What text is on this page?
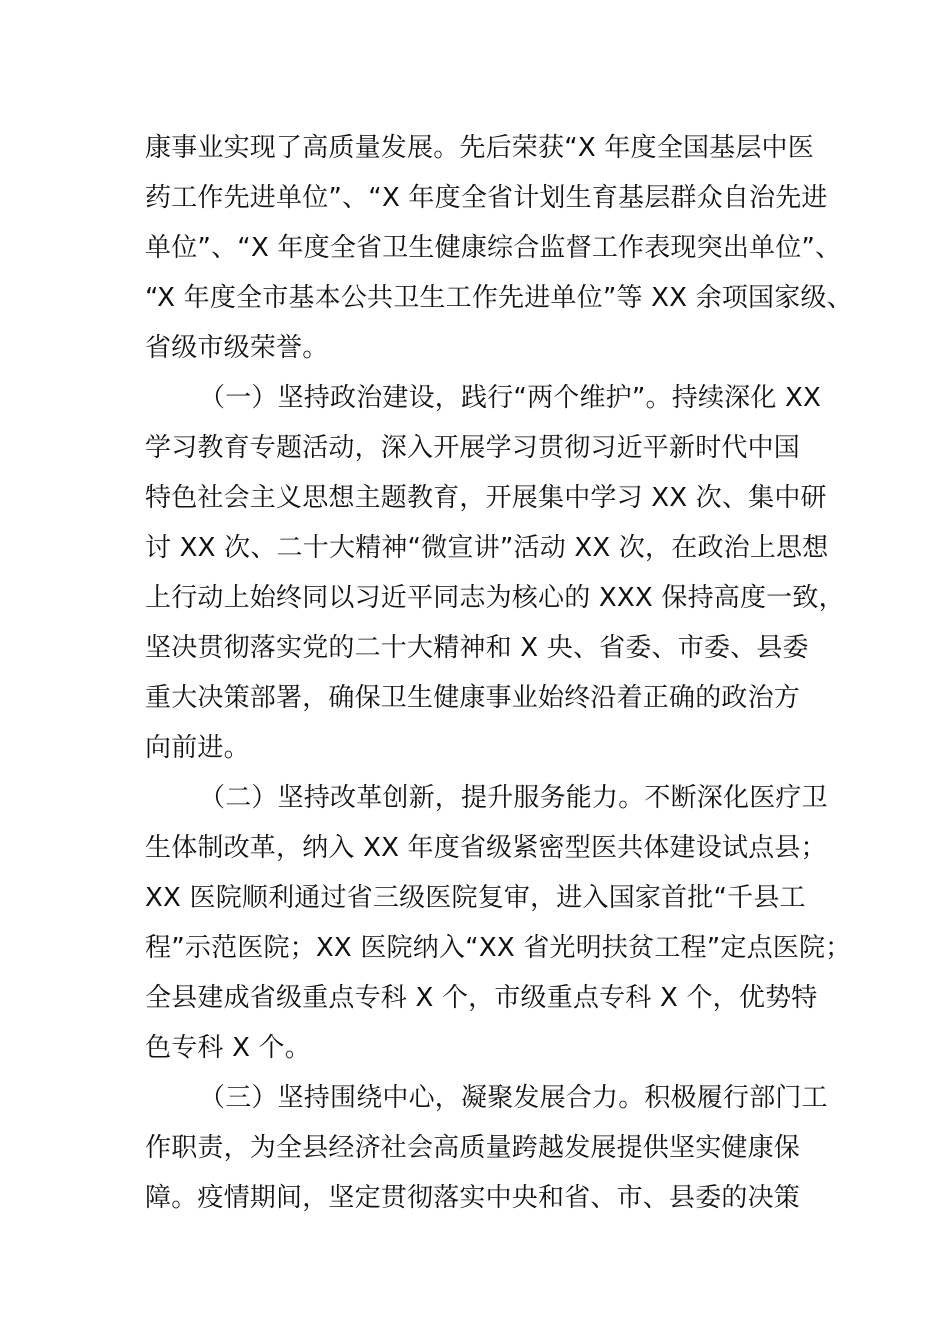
康事业实现了高质量发展。先后荣获“X 年度全国基层中医
药工作先进单位”、“X 年度全省计划生育基层群众自治先进
单位”、“X 年度全省卫生健康综合监督工作表现突出单位”、
“X 年度全市基本公共卫生工作先进单位”等 XX 余项国家级、
省级市级荣誉。
（一）坚持政治建设，践行“两个维护”。持续深化 XX
学习教育专题活动，深入开展学习贯彻习近平新时代中国
特色社会主义思想主题教育，开展集中学习 XX 次、集中研
讨 XX 次、二十大精神“微宣讲”活动 XX 次，在政治上思想
上行动上始终同以习近平同志为核心的 XXX 保持高度一致，
坚决贯彻落实党的二十大精神和 X 央、省委、市委、县委
重大决策部署，确保卫生健康事业始终沿着正确的政治方
向前进。
（二）坚持改革创新，提升服务能力。不断深化医疗卫
生体制改革，纳入 XX 年度省级紧密型医共体建设试点县；
XX 医院顺利通过省三级医院复审，进入国家首批“千县工
程”示范医院；XX 医院纳入“XX 省光明扶贫工程”定点医院；
全县建成省级重点专科 X 个，市级重点专科 X 个，优势特
色专科 X 个。
（三）坚持围绕中心，凝聚发展合力。积极履行部门工
作职责，为全县经济社会高质量跨越发展提供坚实健康保
障。疫情期间，坚定贯彻落实中央和省、市、县委的决策
